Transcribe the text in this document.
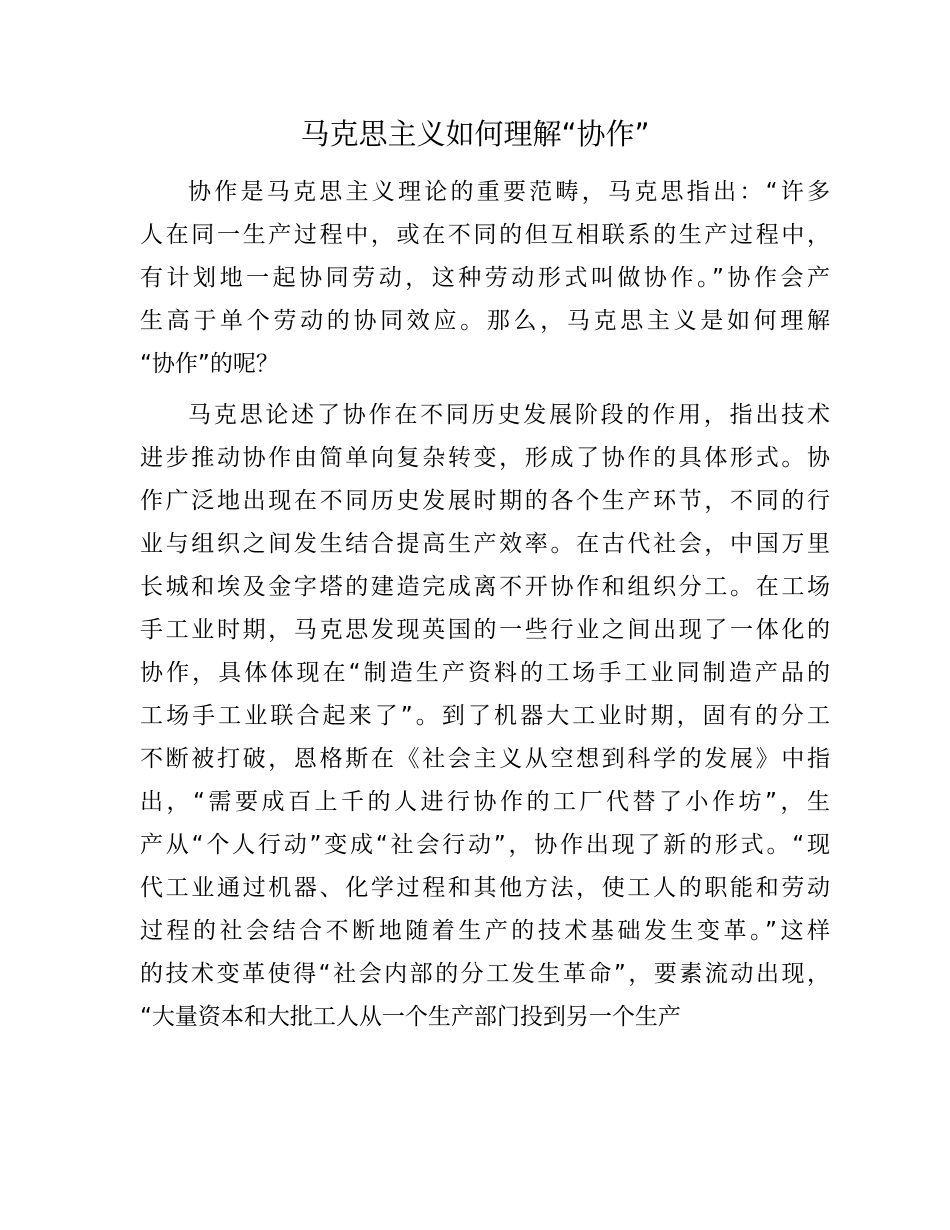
马克思主义如何理解“协作”
协作是马克思主义理论的重要范畴，马克思指出：“许多
人在同一生产过程中，或在不同的但互相联系的生产过程中，
有计划地一起协同劳动，这种劳动形式叫做协作。”协作会产
生高于单个劳动的协同效应。那么，马克思主义是如何理解
“协作”的呢？
马克思论述了协作在不同历史发展阶段的作用，指出技术
进步推动协作由简单向复杂转变，形成了协作的具体形式。协
作广泛地出现在不同历史发展时期的各个生产环节，不同的行
业与组织之间发生结合提高生产效率。在古代社会，中国万里
长城和埃及金字塔的建造完成离不开协作和组织分工。在工场
手工业时期，马克思发现英国的一些行业之间出现了一体化的
协作，具体体现在“制造生产资料的工场手工业同制造产品的
工场手工业联合起来了”。到了机器大工业时期，固有的分工
不断被打破，恩格斯在《社会主义从空想到科学的发展》中指
出，“需要成百上千的人进行协作的工厂代替了小作坊”，生
产从“个人行动”变成“社会行动”，协作出现了新的形式。“现
代工业通过机器、化学过程和其他方法，使工人的职能和劳动
过程的社会结合不断地随着生产的技术基础发生变革。”这样
的技术变革使得“社会内部的分工发生革命”，要素流动出现，
“大量资本和大批工人从一个生产部门投到另一个生产
